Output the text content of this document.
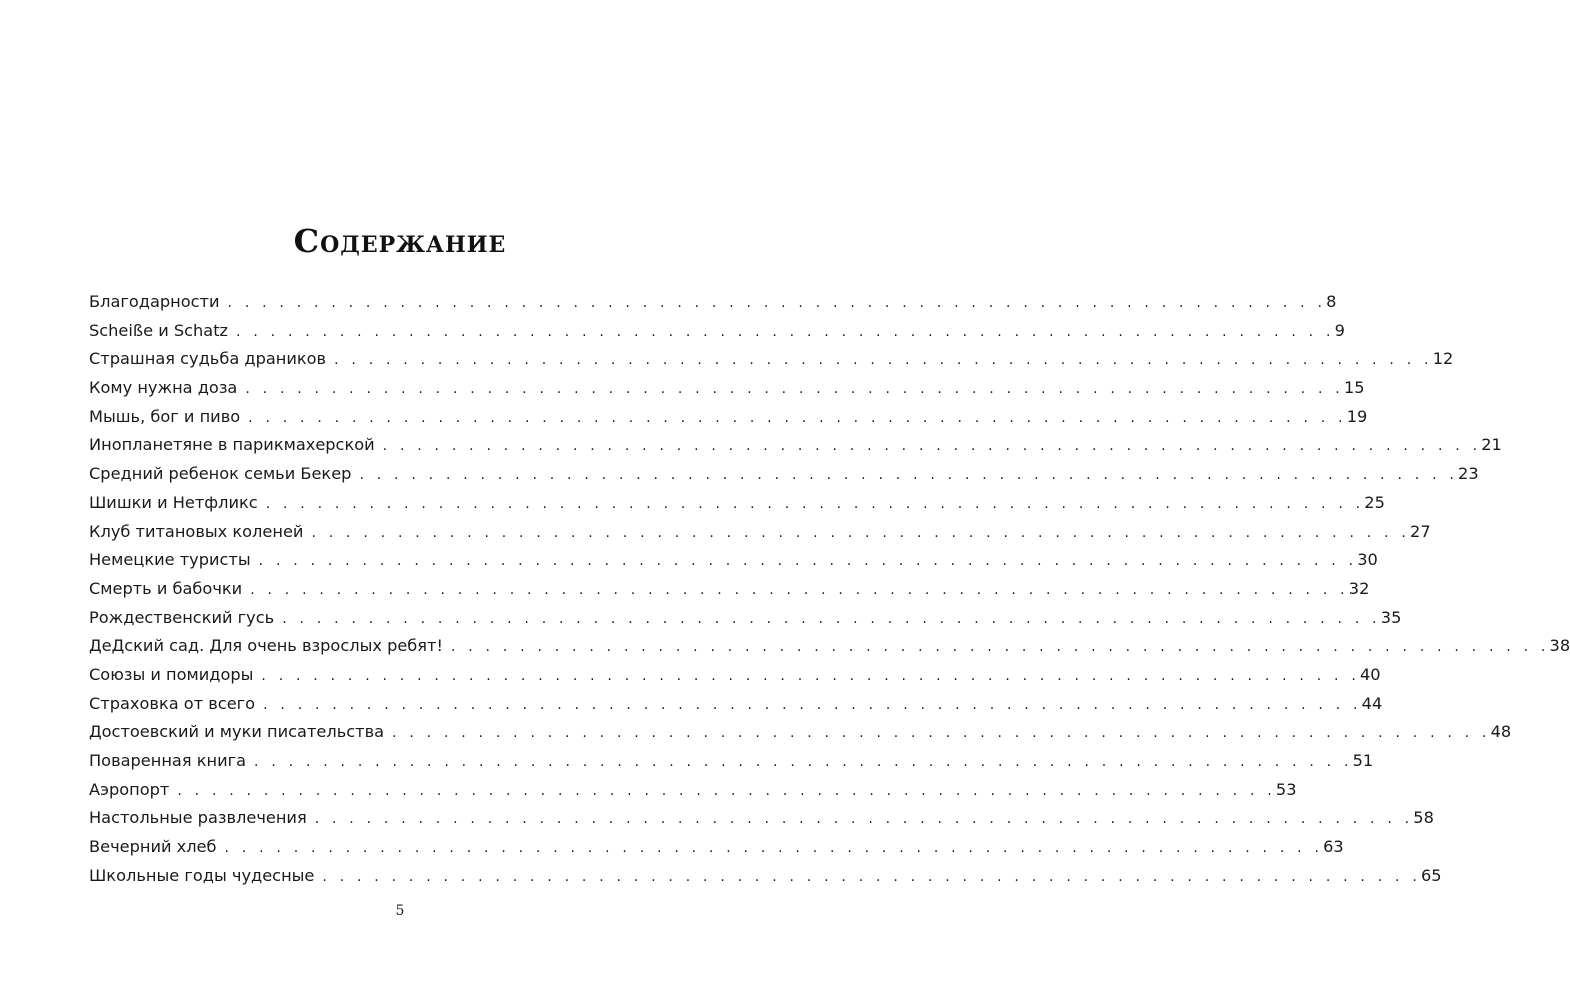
Содержание
Благодарности . . . . . . . . . . . . . . . . . . . . . . . . . . . . . . . . . . . . . . . . . . . . . . . . . . . . . . . . . . . . . . . . 8
Scheiße и Schatz . . . . . . . . . . . . . . . . . . . . . . . . . . . . . . . . . . . . . . . . . . . . . . . . . . . . . . . . . . . . . . . . 9
Страшная судьба драников . . . . . . . . . . . . . . . . . . . . . . . . . . . . . . . . . . . . . . . . . . . . . . . . . . . . . . . . . . . . . . . . 12
Кому нужна доза . . . . . . . . . . . . . . . . . . . . . . . . . . . . . . . . . . . . . . . . . . . . . . . . . . . . . . . . . . . . . . . . 15
Мышь, бог и пиво . . . . . . . . . . . . . . . . . . . . . . . . . . . . . . . . . . . . . . . . . . . . . . . . . . . . . . . . . . . . . . . . 19
Инопланетяне в парикмахерской . . . . . . . . . . . . . . . . . . . . . . . . . . . . . . . . . . . . . . . . . . . . . . . . . . . . . . . . . . . . . . . . 21
Средний ребенок семьи Бекер . . . . . . . . . . . . . . . . . . . . . . . . . . . . . . . . . . . . . . . . . . . . . . . . . . . . . . . . . . . . . . . . 23
Шишки и Нетфликс . . . . . . . . . . . . . . . . . . . . . . . . . . . . . . . . . . . . . . . . . . . . . . . . . . . . . . . . . . . . . . . . 25
Клуб титановых коленей . . . . . . . . . . . . . . . . . . . . . . . . . . . . . . . . . . . . . . . . . . . . . . . . . . . . . . . . . . . . . . . . 27
Немецкие туристы . . . . . . . . . . . . . . . . . . . . . . . . . . . . . . . . . . . . . . . . . . . . . . . . . . . . . . . . . . . . . . . . 30
Смерть и бабочки . . . . . . . . . . . . . . . . . . . . . . . . . . . . . . . . . . . . . . . . . . . . . . . . . . . . . . . . . . . . . . . . 32
Рождественский гусь . . . . . . . . . . . . . . . . . . . . . . . . . . . . . . . . . . . . . . . . . . . . . . . . . . . . . . . . . . . . . . . . 35
ДеДский сад. Для очень взрослых ребят! . . . . . . . . . . . . . . . . . . . . . . . . . . . . . . . . . . . . . . . . . . . . . . . . . . . . . . . . . . . . . . . . 38
Союзы и помидоры . . . . . . . . . . . . . . . . . . . . . . . . . . . . . . . . . . . . . . . . . . . . . . . . . . . . . . . . . . . . . . . . 40
Страховка от всего . . . . . . . . . . . . . . . . . . . . . . . . . . . . . . . . . . . . . . . . . . . . . . . . . . . . . . . . . . . . . . . . 44
Достоевский и муки писательства . . . . . . . . . . . . . . . . . . . . . . . . . . . . . . . . . . . . . . . . . . . . . . . . . . . . . . . . . . . . . . . . 48
Поваренная книга . . . . . . . . . . . . . . . . . . . . . . . . . . . . . . . . . . . . . . . . . . . . . . . . . . . . . . . . . . . . . . . . 51
Аэропорт . . . . . . . . . . . . . . . . . . . . . . . . . . . . . . . . . . . . . . . . . . . . . . . . . . . . . . . . . . . . . . . . 53
Настольные развлечения . . . . . . . . . . . . . . . . . . . . . . . . . . . . . . . . . . . . . . . . . . . . . . . . . . . . . . . . . . . . . . . . 58
Вечерний хлеб . . . . . . . . . . . . . . . . . . . . . . . . . . . . . . . . . . . . . . . . . . . . . . . . . . . . . . . . . . . . . . . . 63
Школьные годы чудесные . . . . . . . . . . . . . . . . . . . . . . . . . . . . . . . . . . . . . . . . . . . . . . . . . . . . . . . . . . . . . . . . 65
5
